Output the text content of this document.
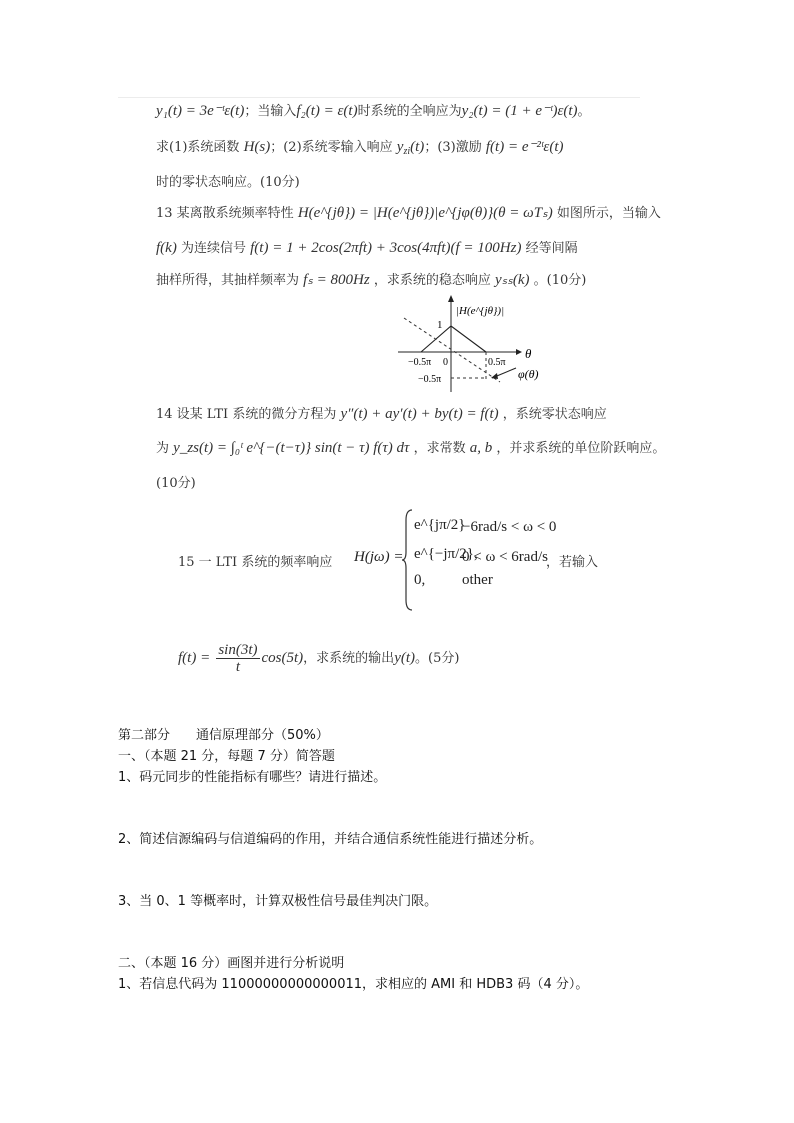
y₁(t) = 3e⁻ᵗε(t)；当输入f₂(t) = ε(t)时系统的全响应为y₂(t) = (1 + e⁻ᵗ)ε(t)。
求(1)系统函数 H(s)；(2)系统零输入响应 $y_{zi}(t)$；(3)激励 f(t) = e⁻²ᵗε(t)
时的零状态响应。(10分)
13 某离散系统频率特性 H(e^{jθ}) = |H(e^{jθ})|e^{jφ(θ)}(θ = ωTₛ) 如图所示，当输入
f(k) 为连续信号 f(t) = 1 + 2cos(2πft) + 3cos(4πft)(f = 100Hz) 经等间隔
抽样所得，其抽样频率为 fₛ = 800Hz ，求系统的稳态响应 yₛₛ(k) 。(10分)
|H(e^{jθ})|
1
−0.5π 0	0.5π
θ
−0.5π	φ(θ)
14 设某 LTI 系统的微分方程为 y″(t) + ay′(t) + by(t) = f(t) ，系统零状态响应
为 y_zs(t) = ∫₀ᵗ e^{−(t−τ)} sin(t − τ) f(τ) dτ ，求常数 a, b ，并求系统的单位阶跃响应。
(10分)
15 一 LTI 系统的频率响应 H(jω) =
e^{jπ/2}
−6rad/s < ω < 0
e^{−jπ/2},
0 < ω < 6rad/s
0, other
，若输入
$f(t) = \frac{\sin(3t)}{t} \cos(5t)$，求系统的输出y(t)。(5分)
第二部分　　通信原理部分（50%）
一、（本题 21 分，每题 7 分）简答题
1、码元同步的性能指标有哪些？请进行描述。
2、简述信源编码与信道编码的作用，并结合通信系统性能进行描述分析。
3、当 0、1 等概率时，计算双极性信号最佳判决门限。
二、（本题 16 分）画图并进行分析说明
1、若信息代码为 11000000000000011，求相应的 AMI 和 HDB3 码（4 分）。
